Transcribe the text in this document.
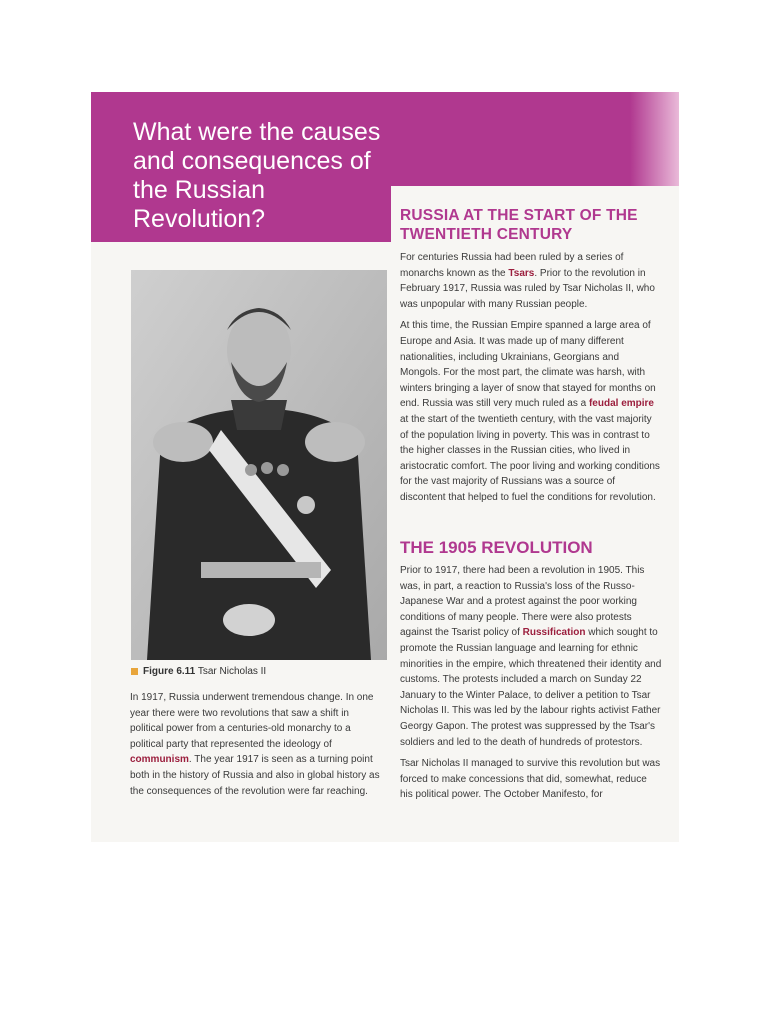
What were the causes and consequences of the Russian Revolution?
Figure 6.11 Tsar Nicholas II

In 1917, Russia underwent tremendous change. In one year there were two revolutions that saw a shift in political power from a centuries-old monarchy to a political party that represented the ideology of communism. The year 1917 is seen as a turning point both in the history of Russia and also in global history as the consequences of the revolution were far reaching.

RUSSIA AT THE START OF THE TWENTIETH CENTURY

For centuries Russia had been ruled by a series of monarchs known as the Tsars. Prior to the revolution in February 1917, Russia was ruled by Tsar Nicholas II, who was unpopular with many Russian people.

At this time, the Russian Empire spanned a large area of Europe and Asia. It was made up of many different nationalities, including Ukrainians, Georgians and Mongols. For the most part, the climate was harsh, with winters bringing a layer of snow that stayed for months on end. Russia was still very much ruled as a feudal empire at the start of the twentieth century, with the vast majority of the population living in poverty. This was in contrast to the higher classes in the Russian cities, who lived in aristocratic comfort. The poor living and working conditions for the vast majority of Russians was a source of discontent that helped to fuel the conditions for revolution.

THE 1905 REVOLUTION

Prior to 1917, there had been a revolution in 1905. This was, in part, a reaction to Russia's loss of the Russo-Japanese War and a protest against the poor working conditions of many people. There were also protests against the Tsarist policy of Russification which sought to promote the Russian language and learning for ethnic minorities in the empire, which threatened their identity and customs. The protests included a march on Sunday 22 January to the Winter Palace, to deliver a petition to Tsar Nicholas II. This was led by the labour rights activist Father Georgy Gapon. The protest was suppressed by the Tsar's soldiers and led to the death of hundreds of protestors.

Tsar Nicholas II managed to survive this revolution but was forced to make concessions that did, somewhat, reduce his political power. The October Manifesto, for
